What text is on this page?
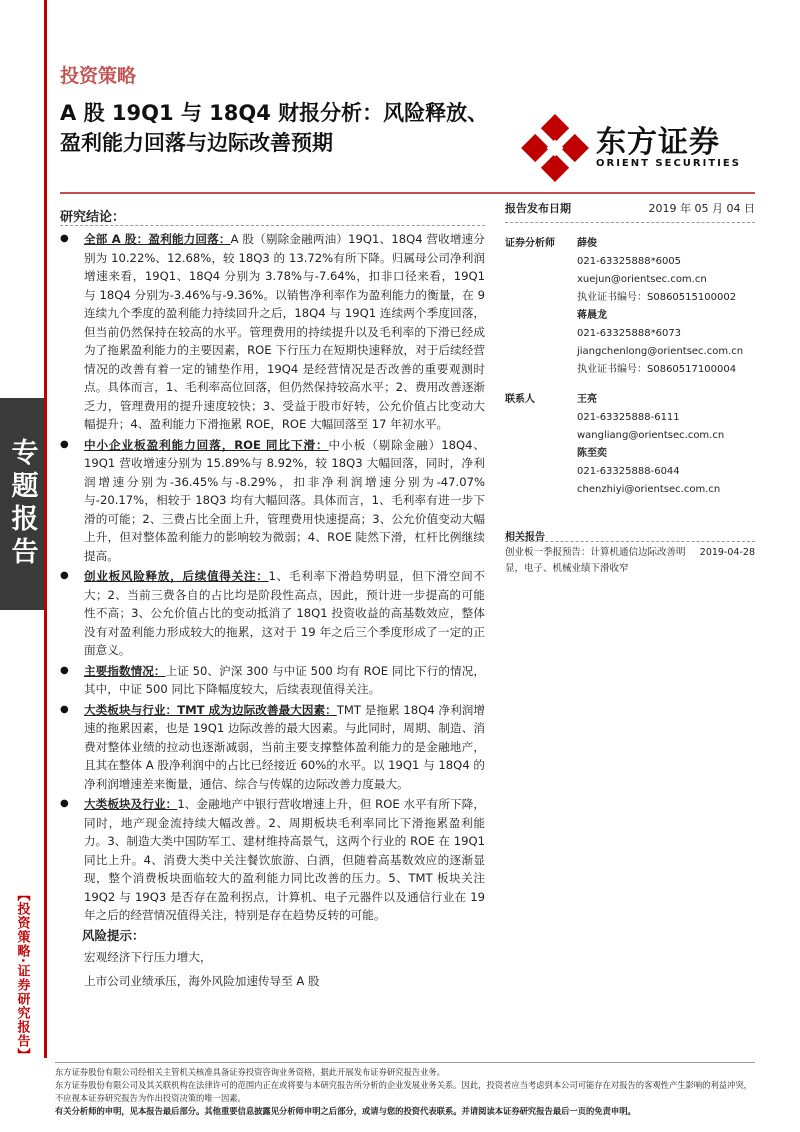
专题报告
【投资策略·证券研究报告】
投资策略
A 股 19Q1 与 18Q4 财报分析：风险释放、盈利能力回落与边际改善预期	东方证券
ORIENT SECURITIES
研究结论：
● 全部 A 股：盈利能力回落：A 股（剔除金融两油）19Q1、18Q4 营收增速分别为 10.22%、12.68%，较 18Q3 的 13.72%有所下降。归属母公司净利润增速来看，19Q1、18Q4 分别为 3.78%与-7.64%，扣非口径来看，19Q1 与 18Q4 分别为-3.46%与-9.36%。以销售净利率作为盈利能力的衡量，在 9 连续九个季度的盈利能力持续回升之后，18Q4 与 19Q1 连续两个季度回落，但当前仍然保持在较高的水平。管理费用的持续提升以及毛利率的下滑已经成为了拖累盈利能力的主要因素，ROE 下行压力在短期快速释放，对于后续经营情况的改善有着一定的铺垫作用，19Q4 是经营情况是否改善的重要观测时点。具体而言，1、毛利率高位回落，但仍然保持较高水平；2、费用改善逐渐乏力，管理费用的提升速度较快；3、受益于股市好转，公允价值占比变动大幅提升；4、盈利能力下滑拖累 ROE，ROE 大幅回落至 17 年初水平。
● 中小企业板盈利能力回落，ROE 同比下滑：中小板（剔除金融）18Q4、19Q1 营收增速分别为 15.89%与 8.92%，较 18Q3 大幅回落，同时，净利润增速分别为-36.45%与-8.29%，扣非净利润增速分别为-47.07%与-20.17%，相较于 18Q3 均有大幅回落。具体而言，1、毛利率有进一步下滑的可能；2、三费占比全面上升，管理费用快速提高；3、公允价值变动大幅上升，但对整体盈利能力的影响较为微弱；4、ROE 陡然下滑，杠杆比例继续提高。
● 创业板风险释放，后续值得关注：1、毛利率下滑趋势明显，但下滑空间不大；2、当前三费各自的占比均是阶段性高点，因此，预计进一步提高的可能性不高；3、公允价值占比的变动抵消了 18Q1 投资收益的高基数效应，整体没有对盈利能力形成较大的拖累，这对于 19 年之后三个季度形成了一定的正面意义。
● 主要指数情况：上证 50、沪深 300 与中证 500 均有 ROE 同比下行的情况，其中，中证 500 同比下降幅度较大，后续表现值得关注。
● 大类板块与行业：TMT 成为边际改善最大因素：TMT 是拖累 18Q4 净利润增速的拖累因素，也是 19Q1 边际改善的最大因素。与此同时，周期、制造、消费对整体业绩的拉动也逐渐减弱，当前主要支撑整体盈利能力的是金融地产，且其在整体 A 股净利润中的占比已经接近 60%的水平。以 19Q1 与 18Q4 的净利润增速差来衡量，通信、综合与传媒的边际改善力度最大。
● 大类板块及行业：1、金融地产中银行营收增速上升，但 ROE 水平有所下降，同时，地产现金流持续大幅改善。2、周期板块毛利率同比下滑拖累盈利能力。3、制造大类中国防军工、建材维持高景气，这两个行业的 ROE 在 19Q1 同比上升。4、消费大类中关注餐饮旅游、白酒，但随着高基数效应的逐渐显现，整个消费板块面临较大的盈利能力同比改善的压力。5、TMT 板块关注 19Q2 与 19Q3 是否存在盈利拐点，计算机、电子元器件以及通信行业在 19 年之后的经营情况值得关注，特别是存在趋势反转的可能。
风险提示：
宏观经济下行压力增大，
上市公司业绩承压，海外风险加速传导至 A 股
报告发布日期	2019 年 05 月 04 日
证券分析师	薛俊
021-63325888*6005
xuejun@orientsec.com.cn
执业证书编号：S0860515100002
蒋晨龙
021-63325888*6073
jiangchenlong@orientsec.com.cn
执业证书编号：S0860517100004
联系人	王亮
021-63325888-6111
wangliang@orientsec.com.cn
陈至奕
021-63325888-6044
chenzhiyi@orientsec.com.cn
相关报告
创业板一季报预告：计算机通信边际改善明显，电子、机械业绩下滑收窄
2019-04-28
东方证券股份有限公司经相关主管机关核准具备证券投资咨询业务资格，据此开展发布证券研究报告业务。
东方证券股份有限公司及其关联机构在法律许可的范围内正在或将要与本研究报告所分析的企业发展业务关系。因此，投资者应当考虑到本公司可能存在对报告的客观性产生影响的利益冲突，不应视本证券研究报告为作出投资决策的唯一因素。
有关分析师的申明，见本报告最后部分。其他重要信息披露见分析师申明之后部分，或请与您的投资代表联系。并请阅读本证券研究报告最后一页的免责申明。
